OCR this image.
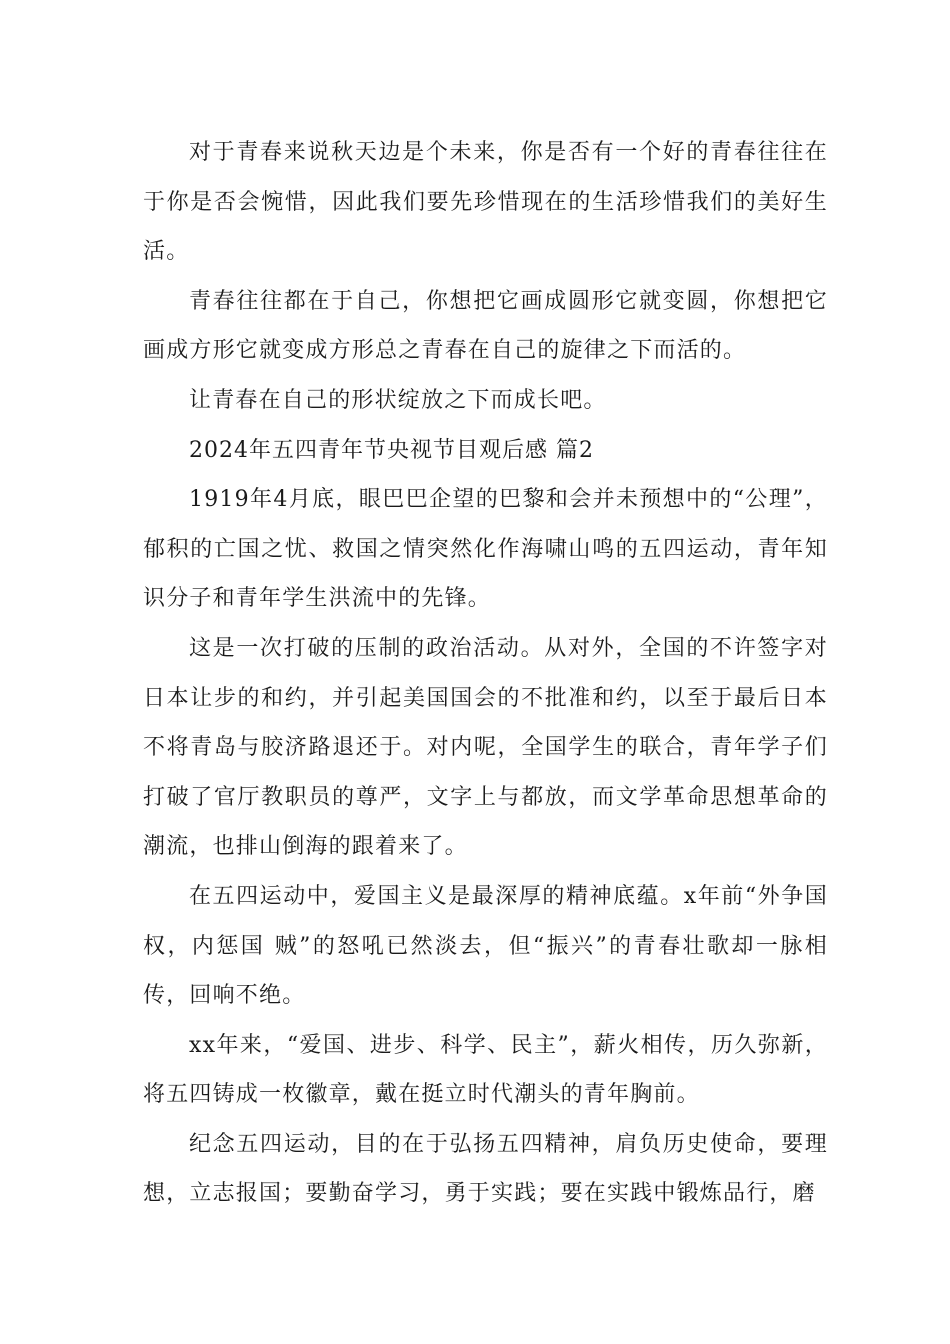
对于青春来说秋天边是个未来，你是否有一个好的青春往往在于你是否会惋惜，因此我们要先珍惜现在的生活珍惜我们的美好生活。

青春往往都在于自己，你想把它画成圆形它就变圆，你想把它画成方形它就变成方形总之青春在自己的旋律之下而活的。

让青春在自己的形状绽放之下而成长吧。

2024年五四青年节央视节目观后感 篇2

1919年4月底，眼巴巴企望的巴黎和会并未预想中的“公理”，郁积的亡国之忧、救国之情突然化作海啸山鸣的五四运动，青年知识分子和青年学生洪流中的先锋。

这是一次打破的压制的政治活动。从对外，全国的不许签字对日本让步的和约，并引起美国国会的不批准和约，以至于最后日本不将青岛与胶济路退还于。对内呢，全国学生的联合，青年学子们打破了官厅教职员的尊严，文字上与都放，而文学革命思想革命的潮流，也排山倒海的跟着来了。

在五四运动中，爱国主义是最深厚的精神底蕴。x年前“外争国权，内惩国 贼”的怒吼已然淡去，但“振兴”的青春壮歌却一脉相传，回响不绝。

xx年来，“爱国、进步、科学、民主”，薪火相传，历久弥新，将五四铸成一枚徽章，戴在挺立时代潮头的青年胸前。

纪念五四运动，目的在于弘扬五四精神，肩负历史使命，要理想，立志报国；要勤奋学习，勇于实践；要在实践中锻炼品行，磨
